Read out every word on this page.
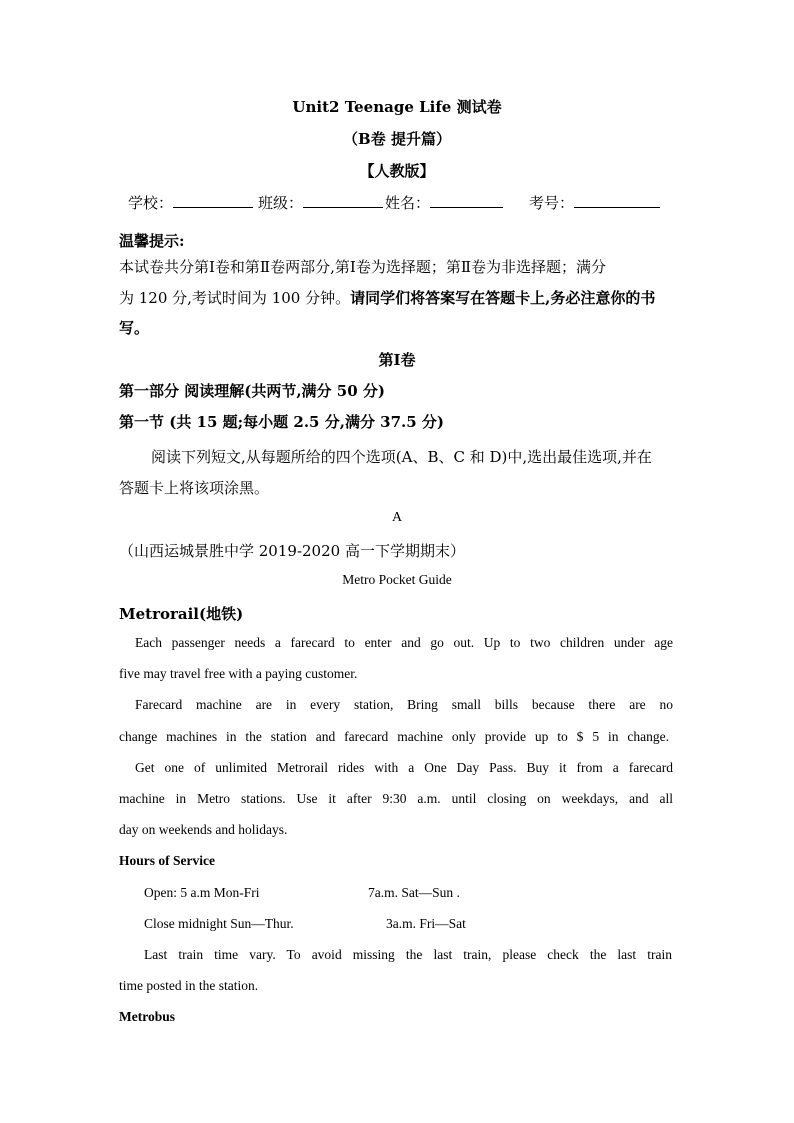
Unit2 Teenage Life 测试卷
（B卷 提升篇）
【人教版】
学校：	班级：	姓名：	考号：
温馨提示:
本试卷共分第Ⅰ卷和第Ⅱ卷两部分,第Ⅰ卷为选择题；第Ⅱ卷为非选择题；满分
为 120 分,考试时间为 100 分钟。请同学们将答案写在答题卡上,务必注意你的书
写。
第Ⅰ卷
第一部分 阅读理解(共两节,满分 50 分)
第一节 (共 15 题;每小题 2.5 分,满分 37.5 分)
阅读下列短文,从每题所给的四个选项(A、B、C 和 D)中,选出最佳选项,并在
答题卡上将该项涂黑。
A
（山西运城景胜中学 2019-2020 高一下学期期末）
Metro Pocket Guide
Metrorail(地铁)
Each passenger needs a farecard to enter and go out. Up to two children under age
five may travel free with a paying customer.
Farecard machine are in every station, Bring small bills because there are no
change machines in the station and farecard machine only provide up to $ 5 in change.
Get one of unlimited Metrorail rides with a One Day Pass. Buy it from a farecard
machine in Metro stations. Use it after 9:30 a.m. until closing on weekdays, and all
day on weekends and holidays.
Hours of Service
Open: 5 a.m Mon-Fri	7a.m. Sat—Sun .
Close midnight Sun—Thur.	3a.m. Fri—Sat
Last train time vary. To avoid missing the last train, please check the last train
time posted in the station.
Metrobus
